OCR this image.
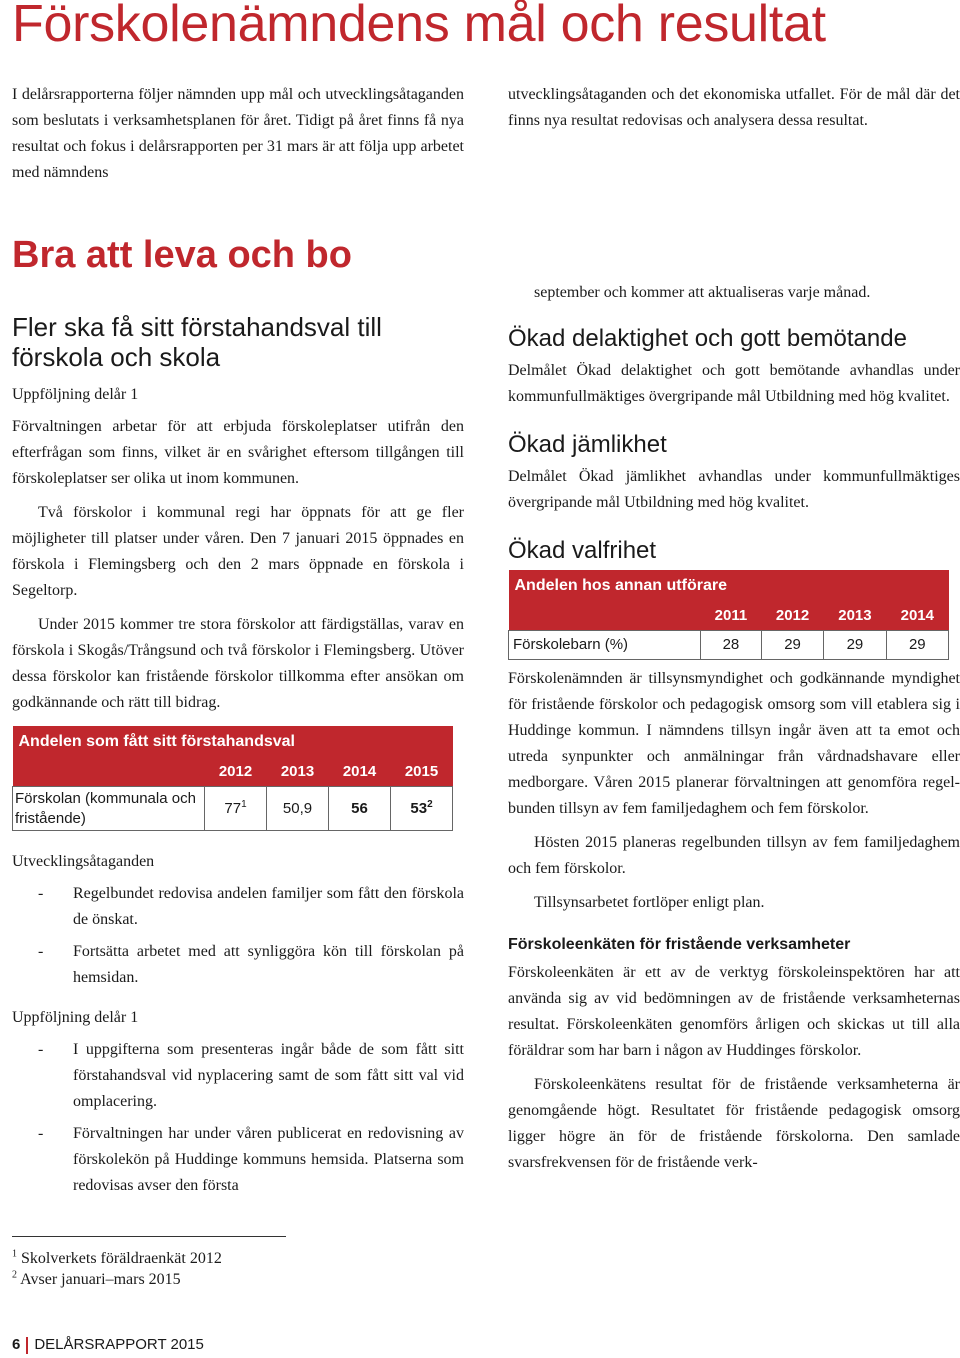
Förskolenämndens mål och resultat

I delårsrapporterna följer nämnden upp mål och utvecklingsåtaganden som beslutats i verksamhetsplanen för året. Tidigt på året finns få nya resultat och fokus i delårsrapporten per 31 mars är att följa upp arbetet med nämndens

utvecklingsåtaganden och det ekonomiska utfallet. För de mål där det finns nya resultat redovisas och analysera dessa resultat.

Bra att leva och bo
Fler ska få sitt förstahandsval till förskola och skola
Uppföljning delår 1

Förvaltningen arbetar för att erbjuda förskoleplatser utifrån den efterfrågan som finns, vilket är en svårighet eftersom tillgången till förskoleplatser ser olika ut inom kommunen.

Två förskolor i kommunal regi har öppnats för att ge fler möjligheter till platser under våren. Den 7 januari 2015 öppnades en förskola i Flemingsberg och den 2 mars öppnade en förskola i Segeltorp.

Under 2015 kommer tre stora förskolor att färdigställas, varav en förskola i Skogås/Trångsund och två förskolor i Flemingsberg. Utöver dessa förskolor kan fristående förskolor tillkomma efter ansökan om godkännande och rätt till bidrag.

Andelen som fått sitt förstahandsval				
	2012	2013	2014	2015
Förskolan (kommunala och fristående)	$77^1$	50,9	56	$53^2$
Utvecklingsåtaganden
- Regelbundet redovisa andelen familjer som fått den förskola de önskat.
- Fortsätta arbetet med att synliggöra kön till förskolan på hemsidan.
Uppföljning delår 1
- I uppgifterna som presenteras ingår både de som fått sitt förstahandsval vid nyplacering samt de som fått sitt val vid omplacering.
- Förvaltningen har under våren publicerat en redovisning av förskolekön på Huddinge kommuns hemsida. Platserna som redovisas avser den första
$^1$ Skolverkets föräldraenkät 2012
$^2$ Avser januari–mars 2015

september och kommer att aktualiseras varje månad.

Ökad delaktighet och gott bemötande

Delmålet Ökad delaktighet och gott bemötande avhandlas under kommunfullmäktiges övergripande mål Utbildning med hög kvalitet.

Ökad jämlikhet

Delmålet Ökad jämlikhet avhandlas under kommunfullmäktiges övergripande mål Utbildning med hög kvalitet.

Ökad valfrihet
Andelen hos annan utförare				
	2011	2012	2013	2014
Förskolebarn (%)	28	29	29	29

Förskolenämnden är tillsynsmyndighet och godkännande myndighet för fristående förskolor och pedagogisk omsorg som vill etablera sig i Huddinge kommun. I nämndens tillsyn ingår även att ta emot och utreda synpunkter och anmälningar från vårdnadshavare eller medborgare. Våren 2015 planerar förvaltningen att genomföra regelbunden tillsyn av fem familjedaghem och fem förskolor.

Hösten 2015 planeras regelbunden tillsyn av fem familjedaghem och fem förskolor.

Tillsynsarbetet fortlöper enligt plan.

Förskoleenkäten för fristående verksamheter

Förskoleenkäten är ett av de verktyg förskoleinspektören har att använda sig av vid bedömningen av de fristående verksamheternas resultat. Förskoleenkäten genomförs årligen och skickas ut till alla föräldrar som har barn i någon av Huddinges förskolor.

Förskoleenkätens resultat för de fristående verksamheterna är genomgående högt. Resultatet för fristående pedagogisk omsorg ligger högre än för de fristående förskolorna. Den samlade svarsfrekvensen för de fristående verk-

6 DELÅRSRAPPORT 2015
